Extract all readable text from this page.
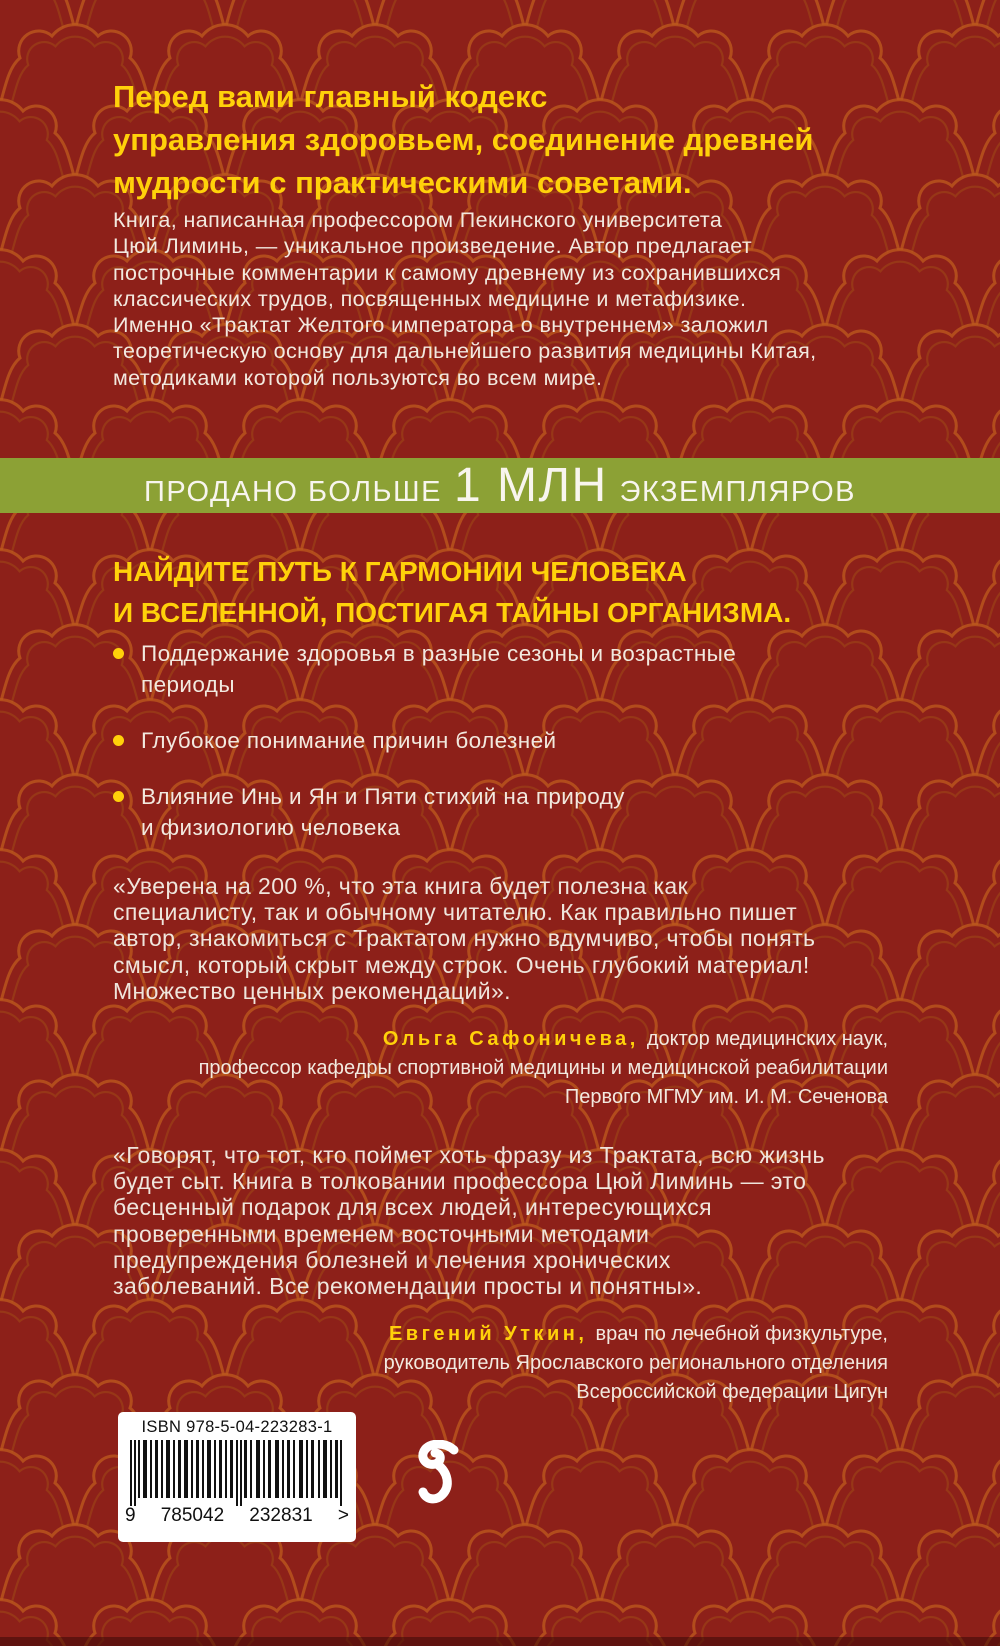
Перед вами главный кодекс
управления здоровьем, соединение древней
мудрости с практическими советами.
Книга, написанная профессором Пекинского университета
Цюй Лиминь, — уникальное произведение. Автор предлагает
построчные комментарии к самому древнему из сохранившихся
классических трудов, посвященных медицине и метафизике.
Именно «Трактат Желтого императора о внутреннем» заложил
теоретическую основу для дальнейшего развития медицины Китая,
методиками которой пользуются во всем мире.
ПРОДАНО БОЛЬШЕ 1 МЛН ЭКЗЕМПЛЯРОВ
НАЙДИТЕ ПУТЬ К ГАРМОНИИ ЧЕЛОВЕКА
И ВСЕЛЕННОЙ, ПОСТИГАЯ ТАЙНЫ ОРГАНИЗМА.
Поддержание здоровья в разные сезоны и возрастные
периоды
Глубокое понимание причин болезней
Влияние Инь и Ян и Пяти стихий на природу
и физиологию человека
«Уверена на 200 %, что эта книга будет полезна как
специалисту, так и обычному читателю. Как правильно пишет
автор, знакомиться с Трактатом нужно вдумчиво, чтобы понять
смысл, который скрыт между строк. Очень глубокий материал!
Множество ценных рекомендаций».
Ольга Сафоничева, доктор медицинских наук,
профессор кафедры спортивной медицины и медицинской реабилитации
Первого МГМУ им. И. М. Сеченова
«Говорят, что тот, кто поймет хоть фразу из Трактата, всю жизнь
будет сыт. Книга в толковании профессора Цюй Лиминь — это
бесценный подарок для всех людей, интересующихся
проверенными временем восточными методами
предупреждения болезней и лечения хронических
заболеваний. Все рекомендации просты и понятны».
Евгений Уткин, врач по лечебной физкультуре,
руководитель Ярославского регионального отделения
Всероссийской федерации Цигун
ISBN 978-5-04-223283-1
9 785042 232831 >
